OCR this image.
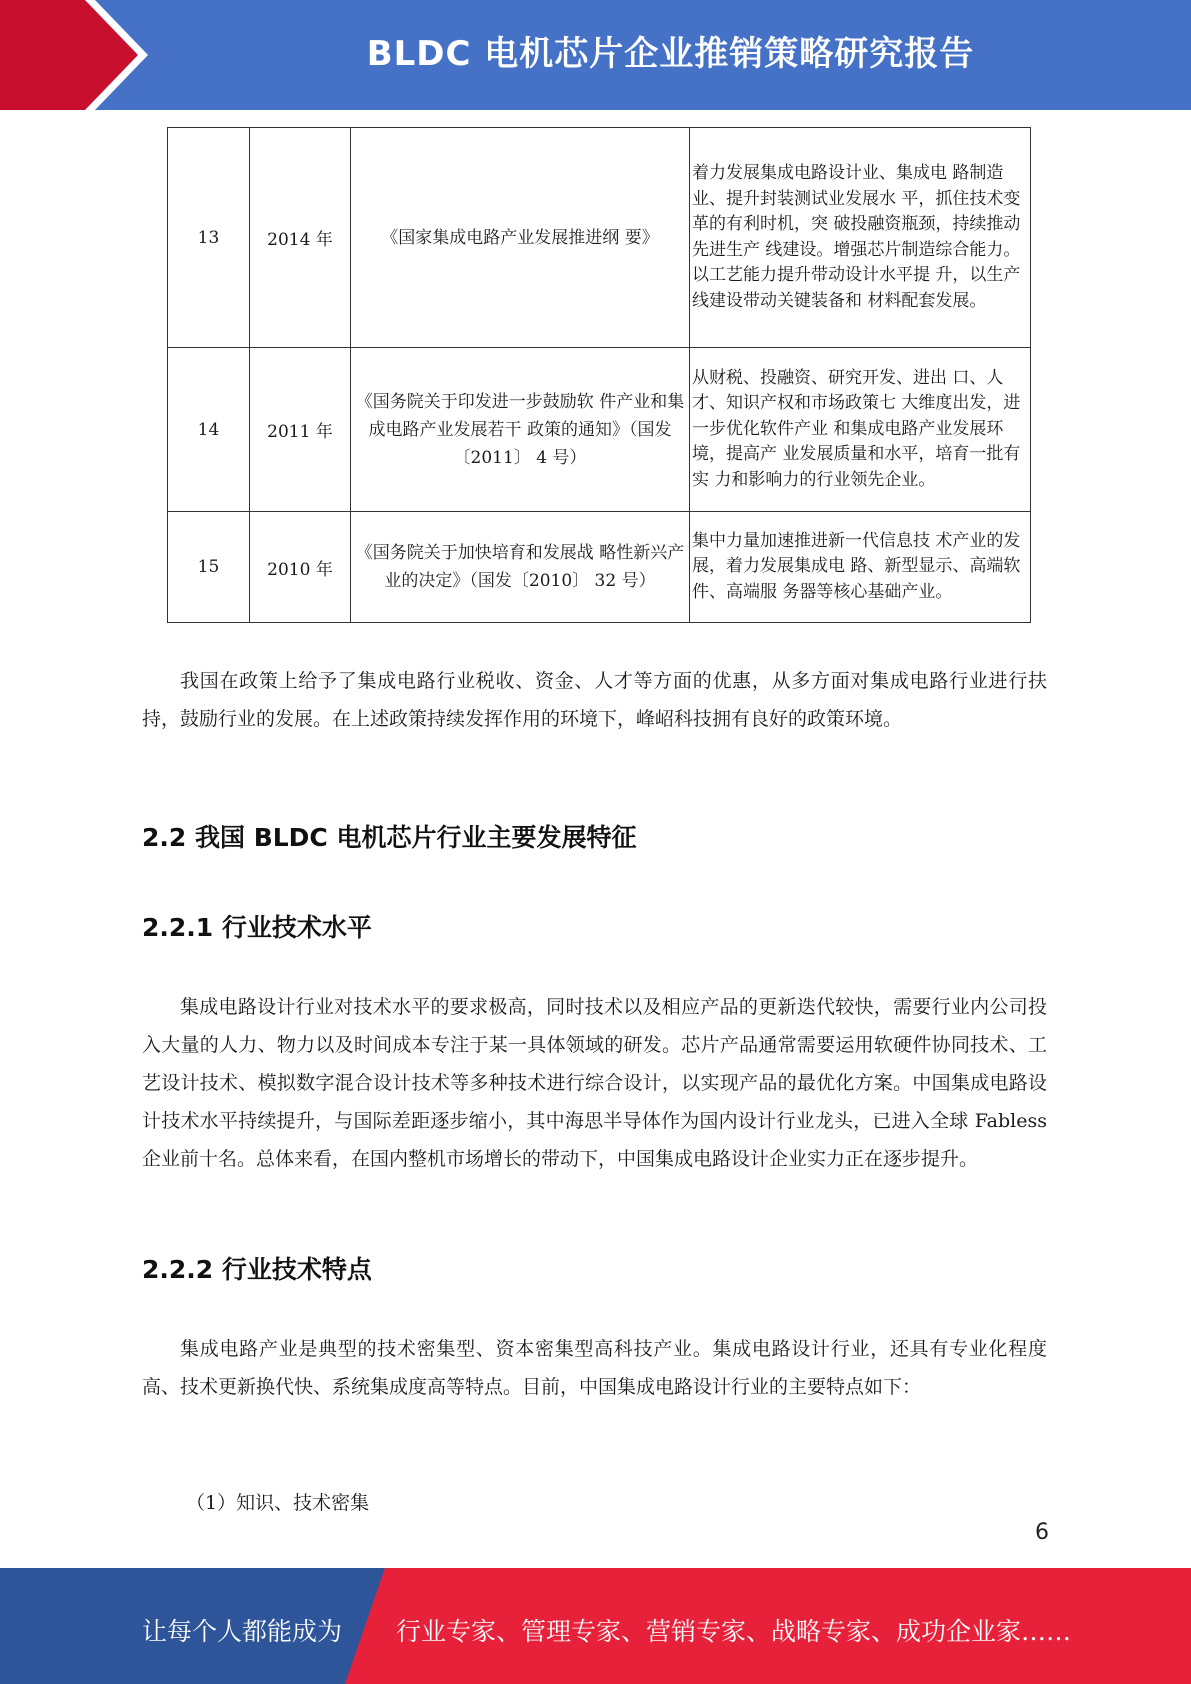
BLDC 电机芯片企业推销策略研究报告
13	2014 年	《国家集成电路产业发展推进纲 要》	着力发展集成电路设计业、集成电 路制造业、提升封装测试业发展水 平，抓住技术变革的有利时机，突 破投融资瓶颈，持续推动先进生产 线建设。增强芯片制造综合能力。 以工艺能力提升带动设计水平提 升，以生产线建设带动关键装备和 材料配套发展。
14	2011 年	《国务院关于印发进一步鼓励软 件产业和集成电路产业发展若干 政策的通知》（国发〔2011〕 4 号）	从财税、投融资、研究开发、进出 口、人才、知识产权和市场政策七 大维度出发，进一步优化软件产业 和集成电路产业发展环境，提高产 业发展质量和水平，培育一批有实 力和影响力的行业领先企业。
15	2010 年	《国务院关于加快培育和发展战 略性新兴产业的决定》（国发〔2010〕 32 号）	集中力量加速推进新一代信息技 术产业的发展，着力发展集成电 路、新型显示、高端软件、高端服 务器等核心基础产业。

我国在政策上给予了集成电路行业税收、资金、人才等方面的优惠，从多方面对集成电路行业进行扶持，鼓励行业的发展。在上述政策持续发挥作用的环境下，峰岹科技拥有良好的政策环境。

2.2 我国 BLDC 电机芯片行业主要发展特征
2.2.1 行业技术水平

集成电路设计行业对技术水平的要求极高，同时技术以及相应产品的更新迭代较快，需要行业内公司投入大量的人力、物力以及时间成本专注于某一具体领域的研发。芯片产品通常需要运用软硬件协同技术、工艺设计技术、模拟数字混合设计技术等多种技术进行综合设计，以实现产品的最优化方案。中国集成电路设计技术水平持续提升，与国际差距逐步缩小，其中海思半导体作为国内设计行业龙头，已进入全球 Fabless 企业前十名。总体来看，在国内整机市场增长的带动下，中国集成电路设计企业实力正在逐步提升。

2.2.2 行业技术特点

集成电路产业是典型的技术密集型、资本密集型高科技产业。集成电路设计行业，还具有专业化程度高、技术更新换代快、系统集成度高等特点。目前，中国集成电路设计行业的主要特点如下：

（1）知识、技术密集
6
让每个人都能成为 行业专家、管理专家、营销专家、战略专家、成功企业家……
